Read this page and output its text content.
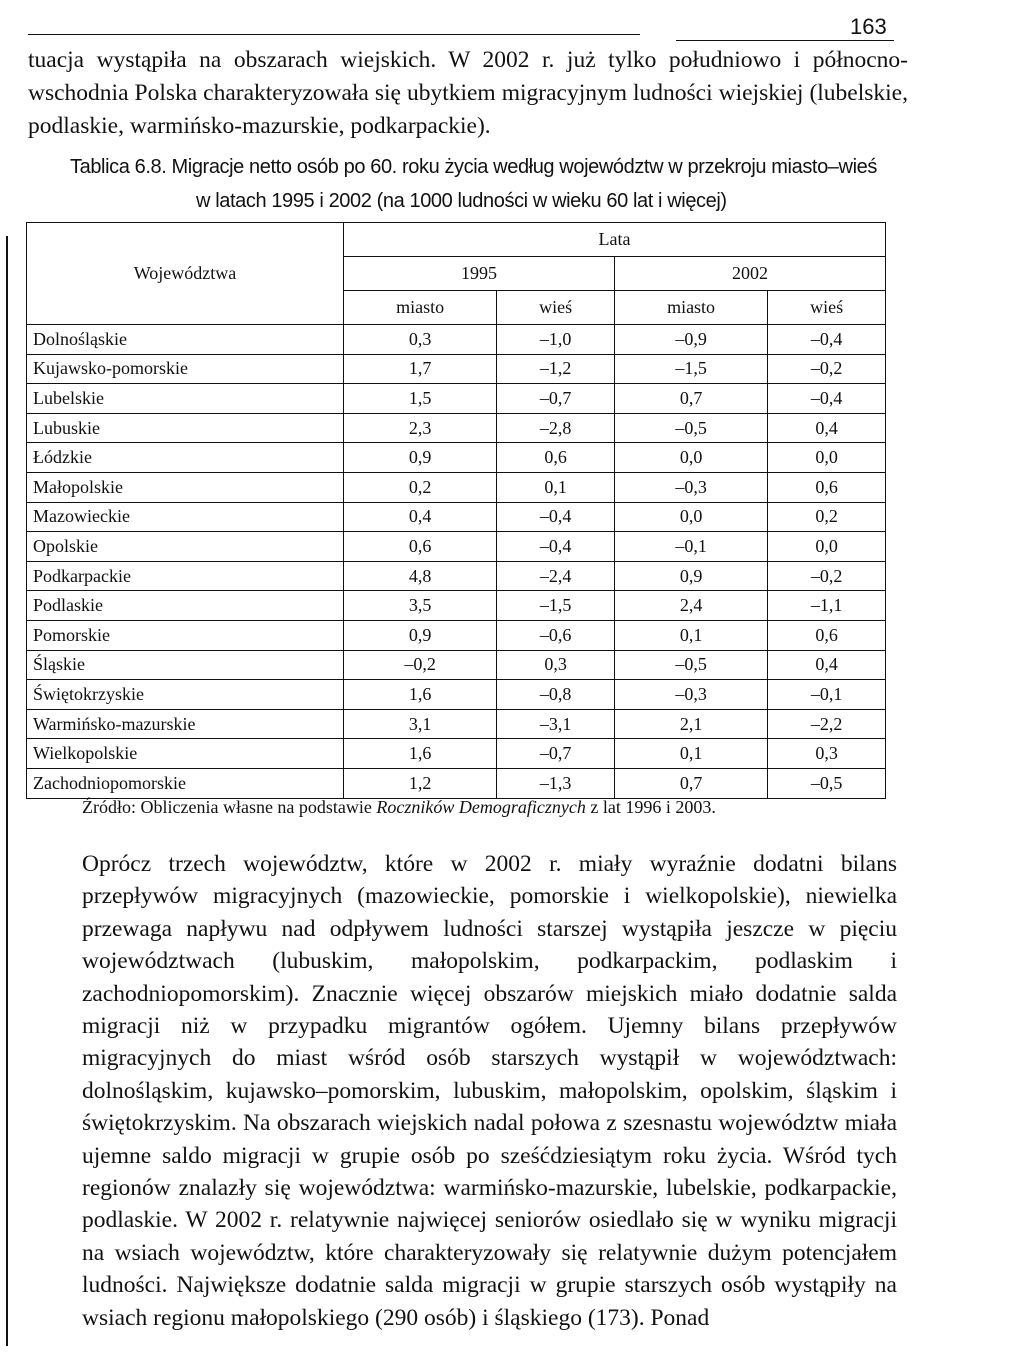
163

tuacja wystąpiła na obszarach wiejskich. W 2002 r. już tylko południowo i północno-wschodnia Polska charakteryzowała się ubytkiem migracyjnym ludności wiejskiej (lubelskie, podlaskie, warmińsko-mazurskie, podkarpackie).

Tablica 6.8. Migracje netto osób po 60. roku życia według województw w przekroju miasto–wieś
w latach 1995 i 2002 (na 1000 ludności w wieku 60 lat i więcej)
Województwa	Lata			
	1995		2002	
	miasto	wieś	miasto	wieś
Dolnośląskie	0,3	–1,0	–0,9	–0,4
Kujawsko-pomorskie	1,7	–1,2	–1,5	–0,2
Lubelskie	1,5	–0,7	0,7	–0,4
Lubuskie	2,3	–2,8	–0,5	0,4
Łódzkie	0,9	0,6	0,0	0,0
Małopolskie	0,2	0,1	–0,3	0,6
Mazowieckie	0,4	–0,4	0,0	0,2
Opolskie	0,6	–0,4	–0,1	0,0
Podkarpackie	4,8	–2,4	0,9	–0,2
Podlaskie	3,5	–1,5	2,4	–1,1
Pomorskie	0,9	–0,6	0,1	0,6
Śląskie	–0,2	0,3	–0,5	0,4
Świętokrzyskie	1,6	–0,8	–0,3	–0,1
Warmińsko-mazurskie	3,1	–3,1	2,1	–2,2
Wielkopolskie	1,6	–0,7	0,1	0,3
Zachodniopomorskie	1,2	–1,3	0,7	–0,5
Źródło: Obliczenia własne na podstawie Roczników Demograficznych z lat 1996 i 2003.

Oprócz trzech województw, które w 2002 r. miały wyraźnie dodatni bilans przepływów migracyjnych (mazowieckie, pomorskie i wielkopolskie), niewielka przewaga napływu nad odpływem ludności starszej wystąpiła jeszcze w pięciu województwach (lubuskim, małopolskim, podkarpackim, podlaskim i zachodniopomorskim). Znacznie więcej obszarów miejskich miało dodatnie salda migracji niż w przypadku migrantów ogółem. Ujemny bilans przepływów migracyjnych do miast wśród osób starszych wystąpił w województwach: dolnośląskim, kujawsko–pomorskim, lubuskim, małopolskim, opolskim, śląskim i świętokrzyskim. Na obszarach wiejskich nadal połowa z szesnastu województw miała ujemne saldo migracji w grupie osób po sześćdziesiątym roku życia. Wśród tych regionów znalazły się województwa: warmińsko-mazurskie, lubelskie, podkarpackie, podlaskie. W 2002 r. relatywnie najwięcej seniorów osiedlało się w wyniku migracji na wsiach województw, które charakteryzowały się relatywnie dużym potencjałem ludności. Największe dodatnie salda migracji w grupie starszych osób wystąpiły na wsiach regionu małopolskiego (290 osób) i śląskiego (173). Ponad
